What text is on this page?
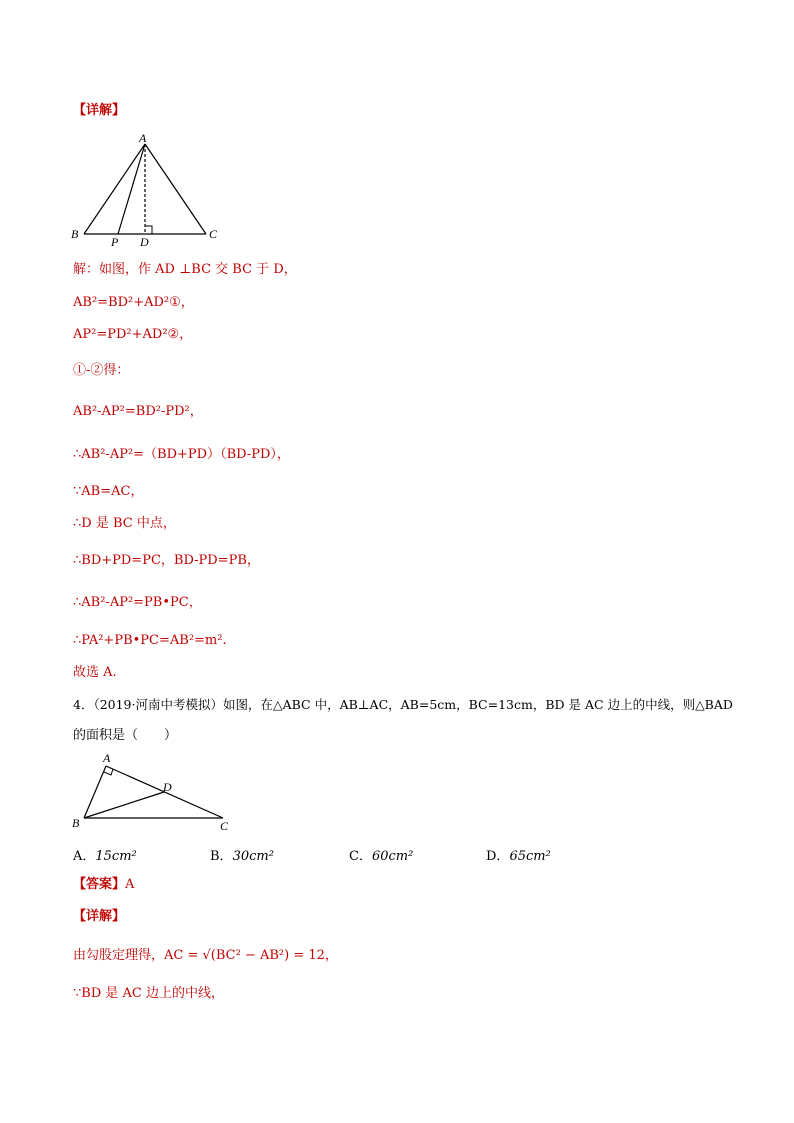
【详解】
A
B	C
P D
解：如图，作 AD ⊥BC 交 BC 于 D，
AB²=BD²+AD²①，
AP²=PD²+AD²②，
①-②得：
AB²-AP²=BD²-PD²，
∴AB²-AP²=（BD+PD）（BD-PD），
∵AB=AC，
∴D 是 BC 中点，
∴BD+PD=PC，BD-PD=PB，
∴AB²-AP²=PB•PC，
∴PA²+PB•PC=AB²=m².
故选 A.
4．（2019·河南中考模拟）如图，在△ABC 中，AB⊥AC，AB=5cm，BC=13cm，BD 是 AC 边上的中线，则△BAD
的面积是（　　）
A
B	C
D
A．15cm²	B．30cm²	C．60cm²	D．65cm²
【答案】A
【详解】
由勾股定理得，AC = √(BC² − AB²) = 12，
∵BD 是 AC 边上的中线，
